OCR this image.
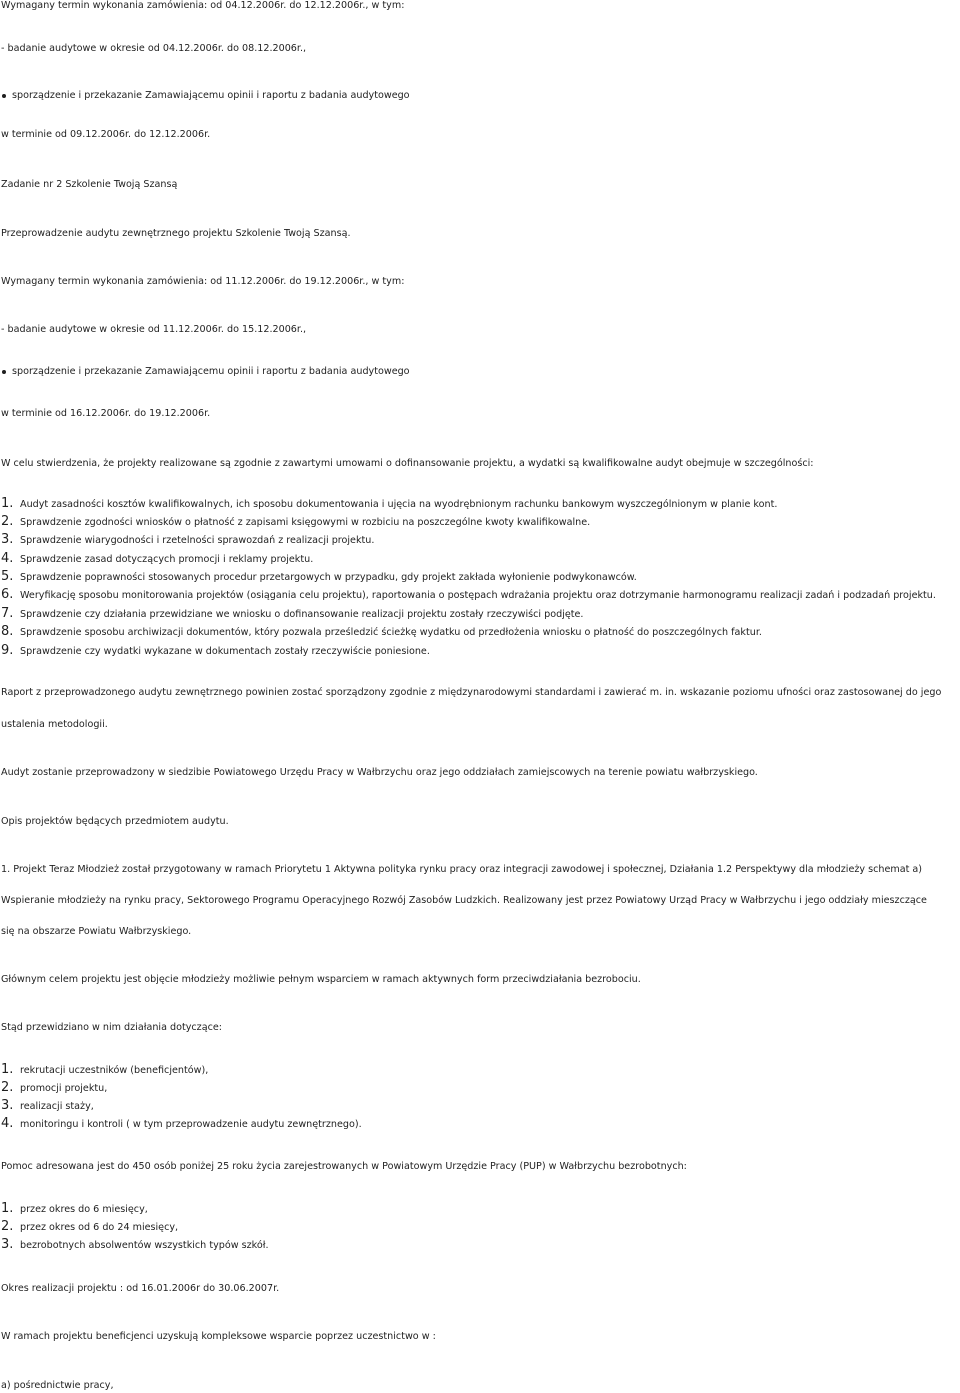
Wymagany termin wykonania zamówienia: od 04.12.2006r. do 12.12.2006r., w tym:
- badanie audytowe w okresie od 04.12.2006r. do 08.12.2006r.,
sporządzenie i przekazanie Zamawiającemu opinii i raportu z badania audytowego
w terminie od 09.12.2006r. do 12.12.2006r.
Zadanie nr 2 Szkolenie Twoją Szansą
Przeprowadzenie audytu zewnętrznego projektu Szkolenie Twoją Szansą.
Wymagany termin wykonania zamówienia: od 11.12.2006r. do 19.12.2006r., w tym:
- badanie audytowe w okresie od 11.12.2006r. do 15.12.2006r.,
sporządzenie i przekazanie Zamawiającemu opinii i raportu z badania audytowego
w terminie od 16.12.2006r. do 19.12.2006r.
W celu stwierdzenia, że projekty realizowane są zgodnie z zawartymi umowami o dofinansowanie projektu, a wydatki są kwalifikowalne audyt obejmuje w szczególności:
1. Audyt zasadności kosztów kwalifikowalnych, ich sposobu dokumentowania i ujęcia na wyodrębnionym rachunku bankowym wyszczególnionym w planie kont.
2. Sprawdzenie zgodności wniosków o płatność z zapisami księgowymi w rozbiciu na poszczególne kwoty kwalifikowalne.
3. Sprawdzenie wiarygodności i rzetelności sprawozdań z realizacji projektu.
4. Sprawdzenie zasad dotyczących promocji i reklamy projektu.
5. Sprawdzenie poprawności stosowanych procedur przetargowych w przypadku, gdy projekt zakłada wyłonienie podwykonawców.
6. Weryfikację sposobu monitorowania projektów (osiągania celu projektu), raportowania o postępach wdrażania projektu oraz dotrzymanie harmonogramu realizacji zadań i podzadań projektu.
7. Sprawdzenie czy działania przewidziane we wniosku o dofinansowanie realizacji projektu zostały rzeczywiści podjęte.
8. Sprawdzenie sposobu archiwizacji dokumentów, który pozwala prześledzić ścieżkę wydatku od przedłożenia wniosku o płatność do poszczególnych faktur.
9. Sprawdzenie czy wydatki wykazane w dokumentach zostały rzeczywiście poniesione.
Raport z przeprowadzonego audytu zewnętrznego powinien zostać sporządzony zgodnie z międzynarodowymi standardami i zawierać m. in. wskazanie poziomu ufności oraz zastosowanej do jego
ustalenia metodologii.
Audyt zostanie przeprowadzony w siedzibie Powiatowego Urzędu Pracy w Wałbrzychu oraz jego oddziałach zamiejscowych na terenie powiatu wałbrzyskiego.
Opis projektów będących przedmiotem audytu.
1. Projekt Teraz Młodzież został przygotowany w ramach Priorytetu 1 Aktywna polityka rynku pracy oraz integracji zawodowej i społecznej, Działania 1.2 Perspektywy dla młodzieży schemat a)
Wspieranie młodzieży na rynku pracy, Sektorowego Programu Operacyjnego Rozwój Zasobów Ludzkich. Realizowany jest przez Powiatowy Urząd Pracy w Wałbrzychu i jego oddziały mieszczące
się na obszarze Powiatu Wałbrzyskiego.
Głównym celem projektu jest objęcie młodzieży możliwie pełnym wsparciem w ramach aktywnych form przeciwdziałania bezrobociu.
Stąd przewidziano w nim działania dotyczące:
1. rekrutacji uczestników (beneficjentów),
2. promocji projektu,
3. realizacji staży,
4. monitoringu i kontroli ( w tym przeprowadzenie audytu zewnętrznego).
Pomoc adresowana jest do 450 osób poniżej 25 roku życia zarejestrowanych w Powiatowym Urzędzie Pracy (PUP) w Wałbrzychu bezrobotnych:
1. przez okres do 6 miesięcy,
2. przez okres od 6 do 24 miesięcy,
3. bezrobotnych absolwentów wszystkich typów szkół.
Okres realizacji projektu : od 16.01.2006r do 30.06.2007r.
W ramach projektu beneficjenci uzyskują kompleksowe wsparcie poprzez uczestnictwo w :
a) pośrednictwie pracy,
